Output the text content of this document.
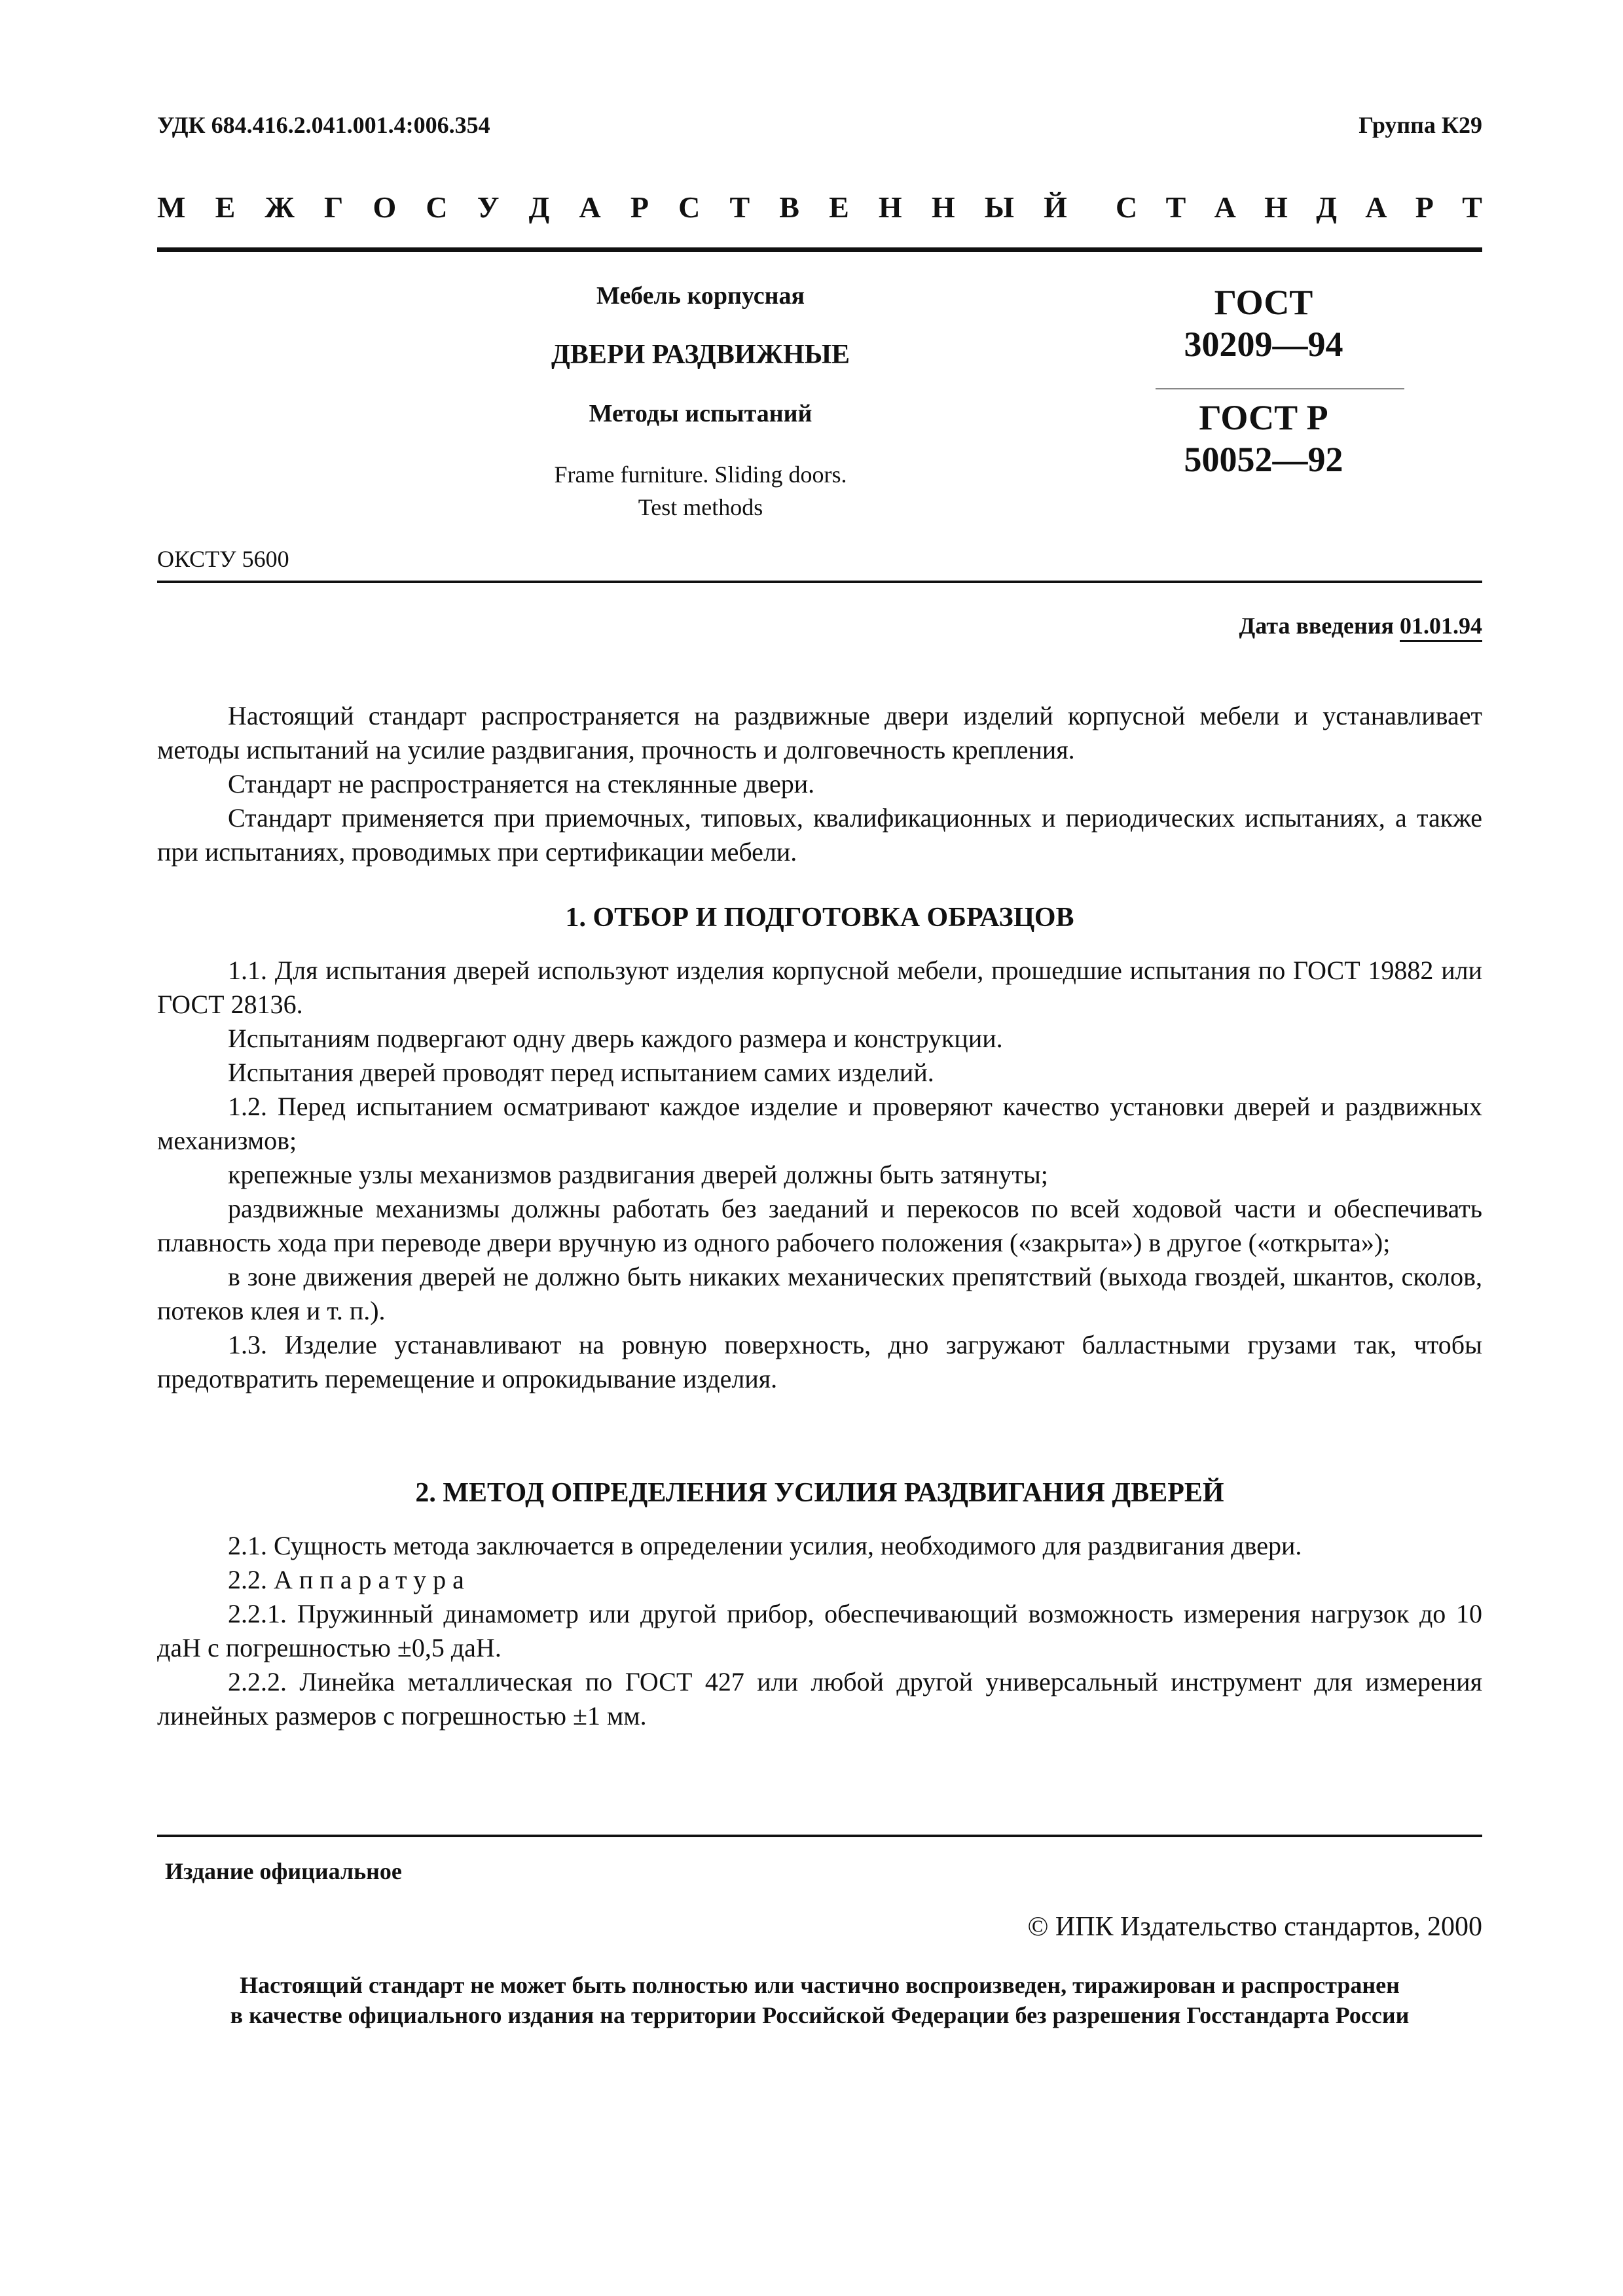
УДК 684.416.2.041.001.4:006.354	Группа К29
М Е Ж Г О С У Д А Р С Т В Е Н Н Ы Й С Т А Н Д А Р Т
Мебель корпусная
ДВЕРИ РАЗДВИЖНЫЕ
Методы испытаний
Frame furniture. Sliding doors.
Test methods
ГОСТ
30209—94
ГОСТ Р
50052—92
ОКСТУ 5600
Дата введения 01.01.94

Настоящий стандарт распространяется на раздвижные двери изделий корпусной мебели и устанавливает методы испытаний на усилие раздвигания, прочность и долговечность крепления.

Стандарт не распространяется на стеклянные двери.

Стандарт применяется при приемочных, типовых, квалификационных и периодических испытаниях, а также при испытаниях, проводимых при сертификации мебели.

1. ОТБОР И ПОДГОТОВКА ОБРАЗЦОВ

1.1. Для испытания дверей используют изделия корпусной мебели, прошедшие испытания по ГОСТ 19882 или ГОСТ 28136.

Испытаниям подвергают одну дверь каждого размера и конструкции.

Испытания дверей проводят перед испытанием самих изделий.

1.2. Перед испытанием осматривают каждое изделие и проверяют качество установки дверей и раздвижных механизмов;

крепежные узлы механизмов раздвигания дверей должны быть затянуты;

раздвижные механизмы должны работать без заеданий и перекосов по всей ходовой части и обеспечивать плавность хода при переводе двери вручную из одного рабочего положения («закрыта») в другое («открыта»);

в зоне движения дверей не должно быть никаких механических препятствий (выхода гвоздей, шкантов, сколов, потеков клея и т. п.).

1.3. Изделие устанавливают на ровную поверхность, дно загружают балластными грузами так, чтобы предотвратить перемещение и опрокидывание изделия.

2. МЕТОД ОПРЕДЕЛЕНИЯ УСИЛИЯ РАЗДВИГАНИЯ ДВЕРЕЙ

2.1. Сущность метода заключается в определении усилия, необходимого для раздвигания двери.

2.2. Аппаратура

2.2.1. Пружинный динамометр или другой прибор, обеспечивающий возможность измерения нагрузок до 10 даН с погрешностью ±0,5 даН.

2.2.2. Линейка металлическая по ГОСТ 427 или любой другой универсальный инструмент для измерения линейных размеров с погрешностью ±1 мм.

Издание официальное
© ИПК Издательство стандартов, 2000
Настоящий стандарт не может быть полностью или частично воспроизведен, тиражирован и распространен
в качестве официального издания на территории Российской Федерации без разрешения Госстандарта России
